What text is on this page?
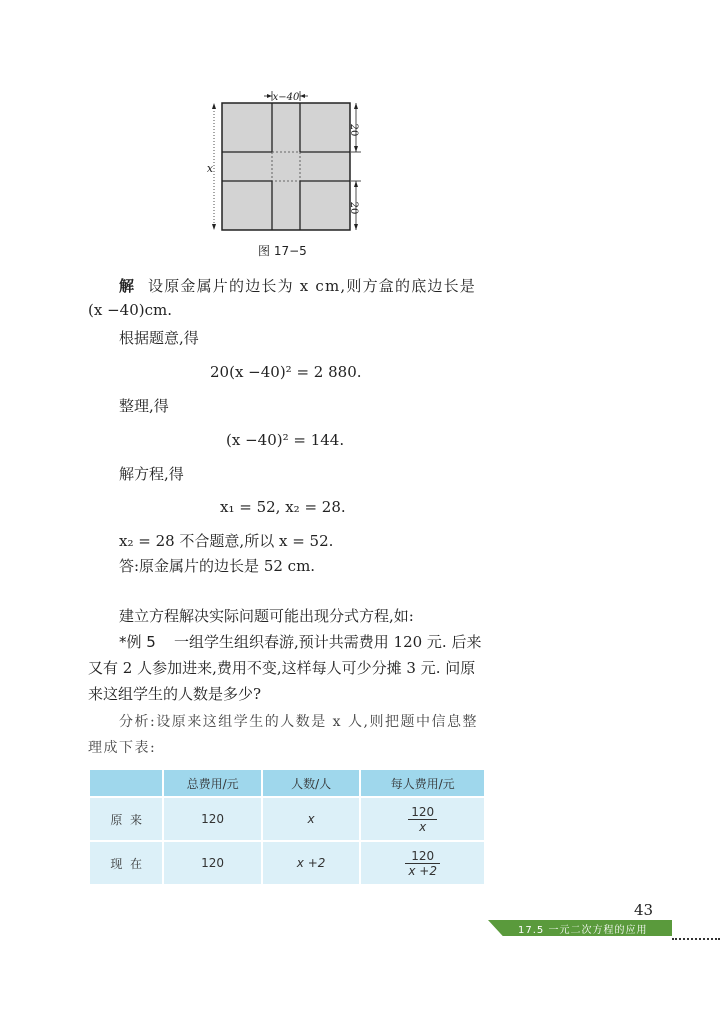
x−40
x
20
20
图 17−5
解 设原金属片的边长为 x cm,则方盒的底边长是
(x −40)cm.
根据题意,得
20(x −40)² = 2 880.
整理,得
(x −40)² = 144.
解方程,得
x₁ = 52, x₂ = 28.
x₂ = 28 不合题意,所以 x = 52.
答:原金属片的边长是 52 cm.
建立方程解决实际问题可能出现分式方程,如:
*例 5 一组学生组织春游,预计共需费用 120 元. 后来
又有 2 人参加进来,费用不变,这样每人可少分摊 3 元. 问原
来这组学生的人数是多少?
分析:设原来这组学生的人数是 x 人,则把题中信息整
理成下表:
	总费用/元	人数/人	每人费用/元
原  来	120	x	$\frac{120}{x}$

现  在	120	x +2	$\frac{120}{x +2}$
43
17.5 一元二次方程的应用
